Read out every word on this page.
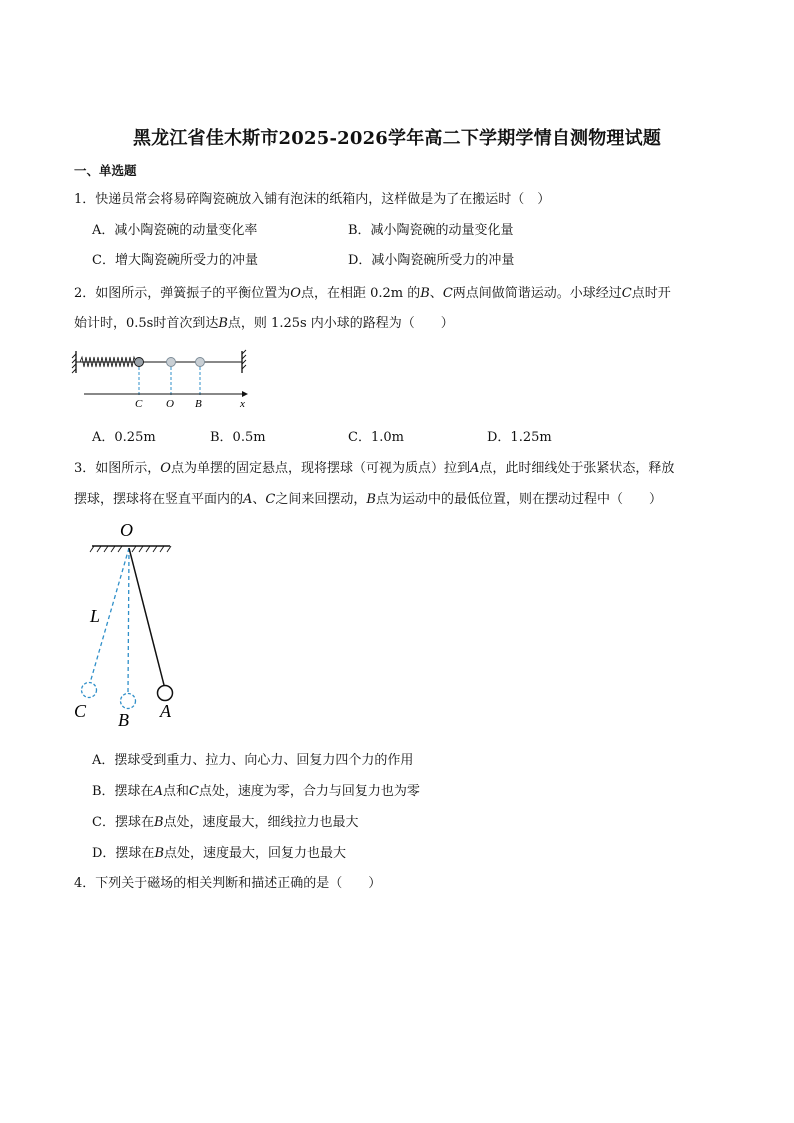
黑龙江省佳木斯市2025-2026学年高二下学期学情自测物理试题
一、单选题
1．快递员常会将易碎陶瓷碗放入铺有泡沫的纸箱内，这样做是为了在搬运时（　）
A．减小陶瓷碗的动量变化率	B．减小陶瓷碗的动量变化量
C．增大陶瓷碗所受力的冲量	D．减小陶瓷碗所受力的冲量
2．如图所示，弹簧振子的平衡位置为O点，在相距 0.2m 的B、C两点间做简谐运动。小球经过C点时开
始计时，0.5s时首次到达B点，则 1.25s 内小球的路程为（　　）
C O B	x
A．0.25m	B．0.5m	C．1.0m	D．1.25m
3．如图所示，O点为单摆的固定悬点，现将摆球（可视为质点）拉到A点，此时细线处于张紧状态，释放
摆球，摆球将在竖直平面内的A、C之间来回摆动，B点为运动中的最低位置，则在摆动过程中（　　）
O
L
C B A
A．摆球受到重力、拉力、向心力、回复力四个力的作用
B．摆球在A点和C点处，速度为零，合力与回复力也为零
C．摆球在B点处，速度最大，细线拉力也最大
D．摆球在B点处，速度最大，回复力也最大
4．下列关于磁场的相关判断和描述正确的是（　　）
